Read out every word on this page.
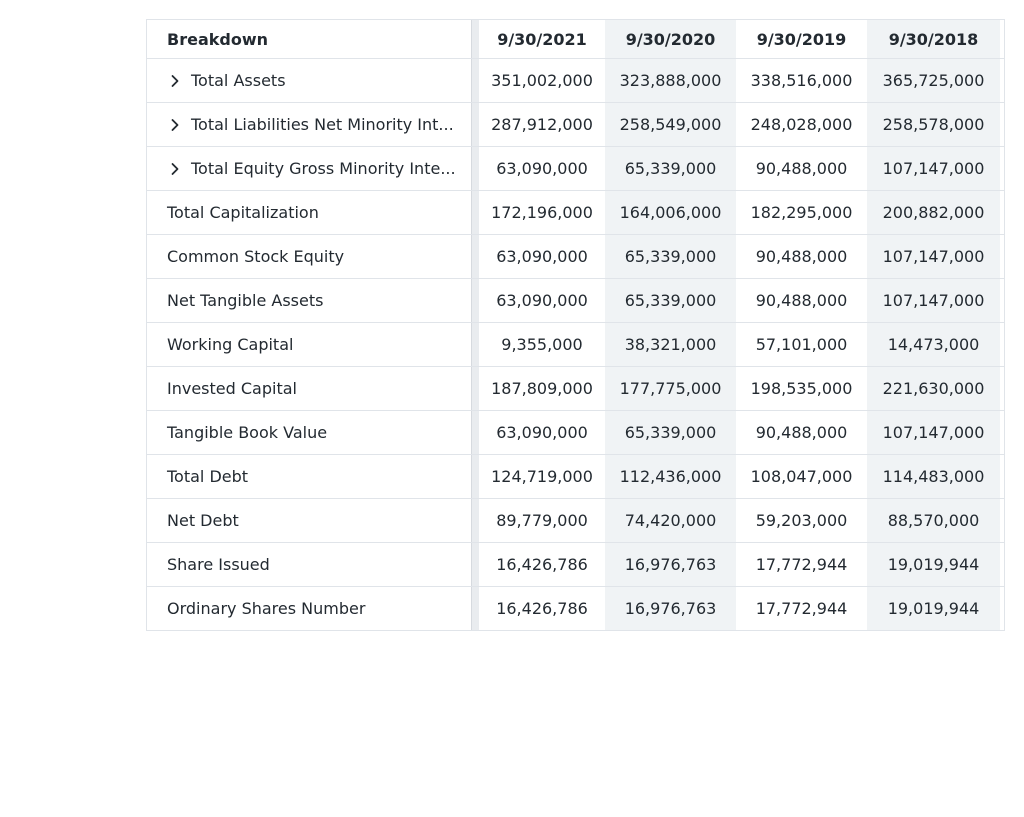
Breakdown	9/30/2021	9/30/2020	9/30/2019	9/30/2018
Total Assets	351,002,000	323,888,000	338,516,000	365,725,000
Total Liabilities Net Minority Int...	287,912,000	258,549,000	248,028,000	258,578,000
Total Equity Gross Minority Inte...	63,090,000	65,339,000	90,488,000	107,147,000
Total Capitalization	172,196,000	164,006,000	182,295,000	200,882,000
Common Stock Equity	63,090,000	65,339,000	90,488,000	107,147,000
Net Tangible Assets	63,090,000	65,339,000	90,488,000	107,147,000
Working Capital	9,355,000	38,321,000	57,101,000	14,473,000
Invested Capital	187,809,000	177,775,000	198,535,000	221,630,000
Tangible Book Value	63,090,000	65,339,000	90,488,000	107,147,000
Total Debt	124,719,000	112,436,000	108,047,000	114,483,000
Net Debt	89,779,000	74,420,000	59,203,000	88,570,000
Share Issued	16,426,786	16,976,763	17,772,944	19,019,944
Ordinary Shares Number	16,426,786	16,976,763	17,772,944	19,019,944
